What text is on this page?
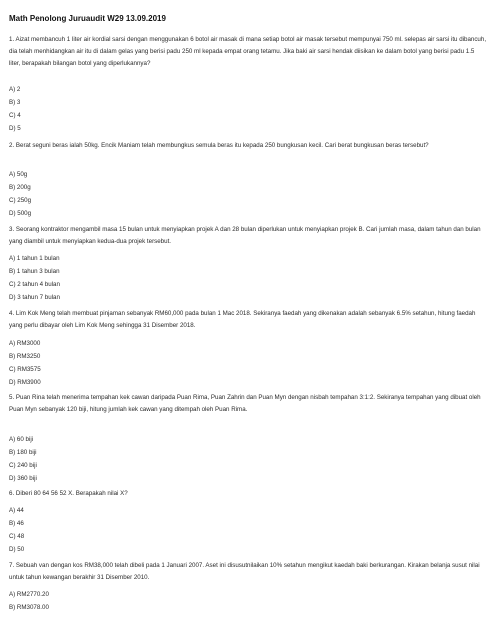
Math Penolong Juruaudit W29 13.09.2019
1. Aizat membancuh 1 liter air kordial sarsi dengan menggunakan 6 botol air masak di mana setiap botol air masak tersebut mempunyai 750 ml. selepas air sarsi itu dibancuh, dia telah menhidangkan air itu di dalam gelas yang berisi padu 250 ml kepada empat orang tetamu. Jika baki air sarsi hendak diisikan ke dalam botol yang berisi padu 1.5 liter, berapakah bilangan botol yang diperlukannya?
A) 2
B) 3
C) 4
D) 5
2. Berat seguni beras ialah 50kg. Encik Maniam telah membungkus semula beras itu kepada 250 bungkusan kecil. Cari berat bungkusan beras tersebut?
A) 50g
B) 200g
C) 250g
D) 500g
3. Seorang kontraktor mengambil masa 15 bulan untuk menyiapkan projek A dan 28 bulan diperlukan untuk menyiapkan projek B. Cari jumlah masa, dalam tahun dan bulan yang diambil untuk menyiapkan kedua-dua projek tersebut.
A) 1 tahun 1 bulan
B) 1 tahun 3 bulan
C) 2 tahun 4 bulan
D) 3 tahun 7 bulan
4. Lim Kok Meng telah membuat pinjaman sebanyak RM60,000 pada bulan 1 Mac 2018. Sekiranya faedah yang dikenakan adalah sebanyak 6.5% setahun, hitung faedah yang perlu dibayar oleh Lim Kok Meng sehingga 31 Disember 2018.
A) RM3000
B) RM3250
C) RM3575
D) RM3900
5. Puan Rina telah menerima tempahan kek cawan daripada Puan Rima, Puan Zahrin dan Puan Myn dengan nisbah tempahan 3:1:2. Sekiranya tempahan yang dibuat oleh Puan Myn sebanyak 120 biji, hitung jumlah kek cawan yang ditempah oleh Puan Rima.
A) 60 biji
B) 180 biji
C) 240 biji
D) 360 biji
6. Diberi 80 64 56 52 X. Berapakah nilai X?
A) 44
B) 46
C) 48
D) 50
7. Sebuah van dengan kos RM38,000 telah dibeli pada 1 Januari 2007. Aset ini disusutnilaikan 10% setahun mengikut kaedah baki berkurangan. Kirakan belanja susut nilai untuk tahun kewangan berakhir 31 Disember 2010.
A) RM2770.20
B) RM3078.00
